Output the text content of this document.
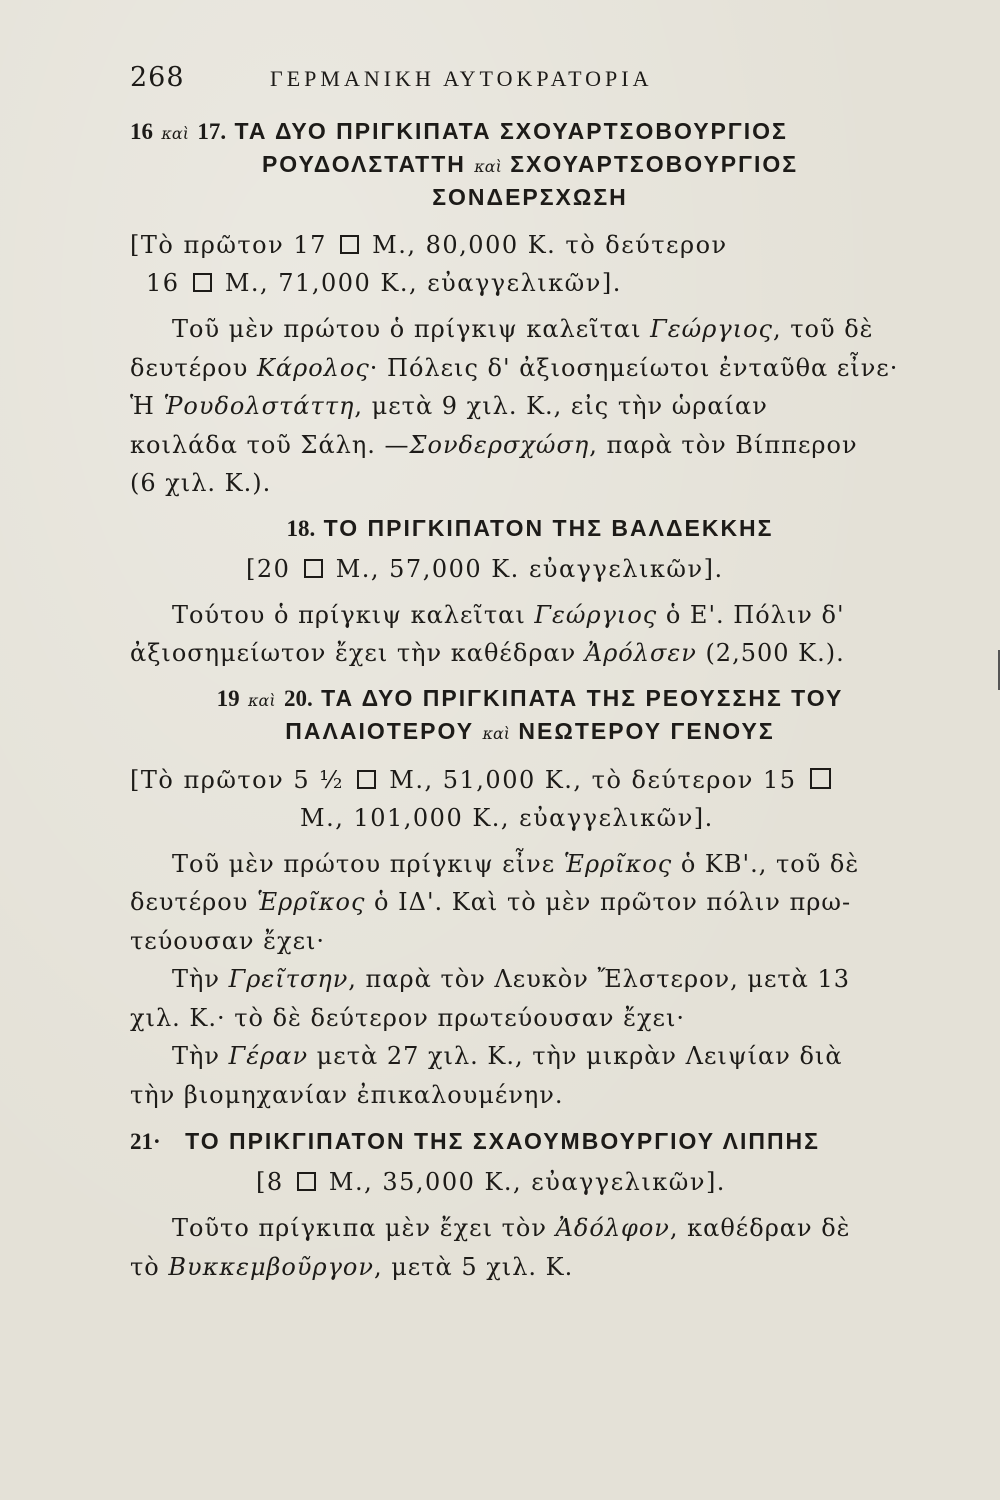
268	ΓΕΡΜΑΝΙΚΗ ΑΥΤΟΚΡΑΤΟΡΙΑ
16 καὶ 17. ΤΑ ΔΥΟ ΠΡΙΓΚΙΠΑΤΑ ΣΧΟΥΑΡΤΣΟΒΟΥΡΓΙΟΣ
ΡΟΥΔΟΛΣΤΑΤΤΗ καὶ ΣΧΟΥΑΡΤΣΟΒΟΥΡΓΙΟΣ
ΣΟΝΔΕΡΣΧΩΣΗ
[Τὸ πρῶτον 17 Μ., 80,000 Κ. τὸ δεύτερον
16 Μ., 71,000 Κ., εὐαγγελικῶν].
Τοῦ μὲν πρώτου ὁ πρίγκιψ καλεῖται Γεώργιος, τοῦ δὲ
δευτέρου Κάρολος· Πόλεις δ' ἀξιοσημείωτοι ἐνταῦθα εἶνε·
Ἡ Ῥουδολστάττη, μετὰ 9 χιλ. Κ., εἰς τὴν ὡραίαν
κοιλάδα τοῦ Σάλη. —Σονδερσχώση, παρὰ τὸν Βίππερον
(6 χιλ. Κ.).
18. ΤΟ ΠΡΙΓΚΙΠΑΤΟΝ ΤΗΣ ΒΑΛΔΕΚΚΗΣ
[20 Μ., 57,000 Κ. εὐαγγελικῶν].
Τούτου ὁ πρίγκιψ καλεῖται Γεώργιος ὁ Ε'. Πόλιν δ'
ἀξιοσημείωτον ἔχει τὴν καθέδραν Ἀρόλσεν (2,500 Κ.).
19 καὶ 20. ΤΑ ΔΥΟ ΠΡΙΓΚΙΠΑΤΑ ΤΗΣ ΡΕΟΥΣΣΗΣ ΤΟΥ
ΠΑΛΑΙΟΤΕΡΟΥ καὶ ΝΕΩΤΕΡΟΥ ΓΕΝΟΥΣ
[Τὸ πρῶτον 5 ½ Μ., 51,000 Κ., τὸ δεύτερον 15
Μ., 101,000 Κ., εὐαγγελικῶν].
Τοῦ μὲν πρώτου πρίγκιψ εἶνε Ἑρρῖκος ὁ ΚΒ'., τοῦ δὲ
δευτέρου Ἑρρῖκος ὁ ΙΔ'. Καὶ τὸ μὲν πρῶτον πόλιν πρω-
τεύουσαν ἔχει·
Τὴν Γρεῖτσην, παρὰ τὸν Λευκὸν Ἔλστερον, μετὰ 13
χιλ. Κ.· τὸ δὲ δεύτερον πρωτεύουσαν ἔχει·
Τὴν Γέραν μετὰ 27 χιλ. Κ., τὴν μικρὰν Λειψίαν διὰ
τὴν βιομηχανίαν ἐπικαλουμένην.
21· ΤΟ ΠΡΙΚΓΙΠΑΤΟΝ ΤΗΣ ΣΧΑΟΥΜΒΟΥΡΓΙΟΥ ΛΙΠΠΗΣ
[8 Μ., 35,000 Κ., εὐαγγελικῶν].
Τοῦτο πρίγκιπα μὲν ἔχει τὸν Ἀδόλφον, καθέδραν δὲ
τὸ Βυκκεμβοῦργον, μετὰ 5 χιλ. Κ.
